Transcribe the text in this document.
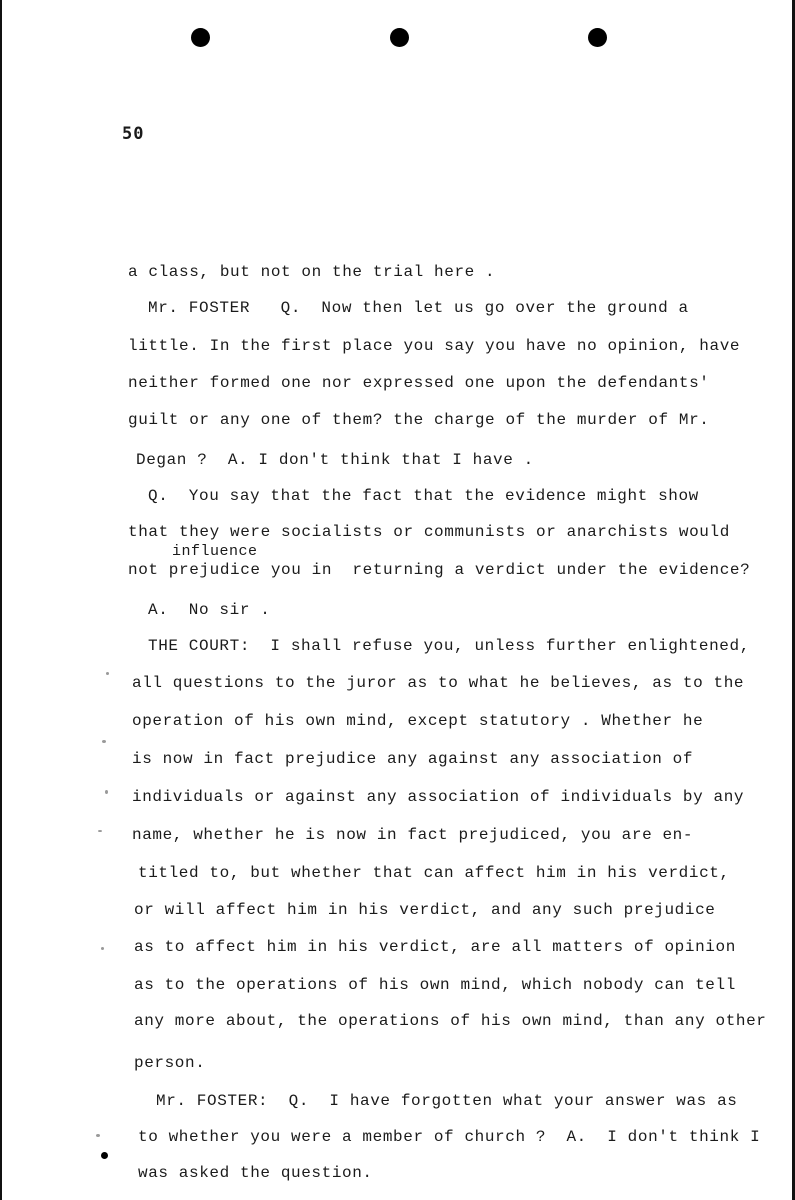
50
a class, but not on the trial here .
Mr. FOSTER   Q.  Now then let us go over the ground a
little. In the first place you say you have no opinion, have
neither formed one nor expressed one upon the defendants'
guilt or any one of them? the charge of the murder of Mr.
Degan ?  A. I don't think that I have .
Q.  You say that the fact that the evidence might show
that they were socialists or communists or anarchists would
influence
not prejudice you in  returning a verdict under the evidence?
A.  No sir .
THE COURT:  I shall refuse you, unless further enlightened,
all questions to the juror as to what he believes, as to the
operation of his own mind, except statutory . Whether he
is now in fact prejudice any against any association of
individuals or against any association of individuals by any
name, whether he is now in fact prejudiced, you are en-
titled to, but whether that can affect him in his verdict,
or will affect him in his verdict, and any such prejudice
as to affect him in his verdict, are all matters of opinion
as to the operations of his own mind, which nobody can tell
any more about, the operations of his own mind, than any other
person.
Mr. FOSTER:  Q.  I have forgotten what your answer was as
to whether you were a member of church ?  A.  I don't think I
was asked the question.
